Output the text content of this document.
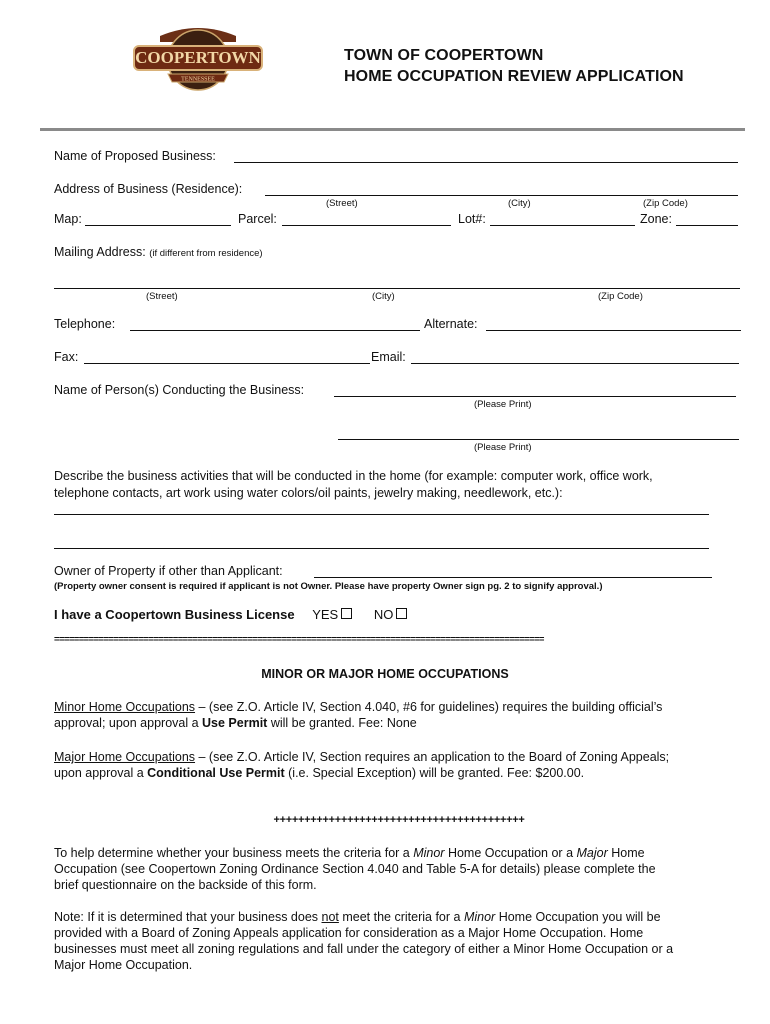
COOPERTOWN
TENNESSEE
TOWN OF COOPERTOWN
HOME OCCUPATION REVIEW APPLICATION
Name of Proposed Business:
Address of Business (Residence):
(Street)	(City)	(Zip Code)
Map:	Parcel:	Lot#:	Zone:
Mailing Address: (if different from residence)
(Street)	(City)	(Zip Code)
Telephone:	Alternate:
Fax:	Email:
Name of Person(s) Conducting the Business:
(Please Print)
(Please Print)
Describe the business activities that will be conducted in the home (for example: computer work, office work,
telephone contacts, art work using water colors/oil paints, jewelry making, needlework, etc.):
Owner of Property if other than Applicant:
(Property owner consent is required if applicant is not Owner. Please have property Owner sign pg. 2 to signify approval.)
I have a Coopertown Business License YES	NO
===================================================================================================
MINOR OR MAJOR HOME OCCUPATIONS
Minor Home Occupations – (see Z.O. Article IV, Section 4.040, #6 for guidelines) requires the building official’s
approval; upon approval a Use Permit will be granted. Fee: None
Major Home Occupations – (see Z.O. Article IV, Section requires an application to the Board of Zoning Appeals;
upon approval a Conditional Use Permit (i.e. Special Exception) will be granted. Fee: $200.00.
+++++++++++++++++++++++++++++++++++++++++
To help determine whether your business meets the criteria for a Minor Home Occupation or a Major Home
Occupation (see Coopertown Zoning Ordinance Section 4.040 and Table 5-A for details) please complete the
brief questionnaire on the backside of this form.
Note: If it is determined that your business does not meet the criteria for a Minor Home Occupation you will be
provided with a Board of Zoning Appeals application for consideration as a Major Home Occupation. Home
businesses must meet all zoning regulations and fall under the category of either a Minor Home Occupation or a
Major Home Occupation.
